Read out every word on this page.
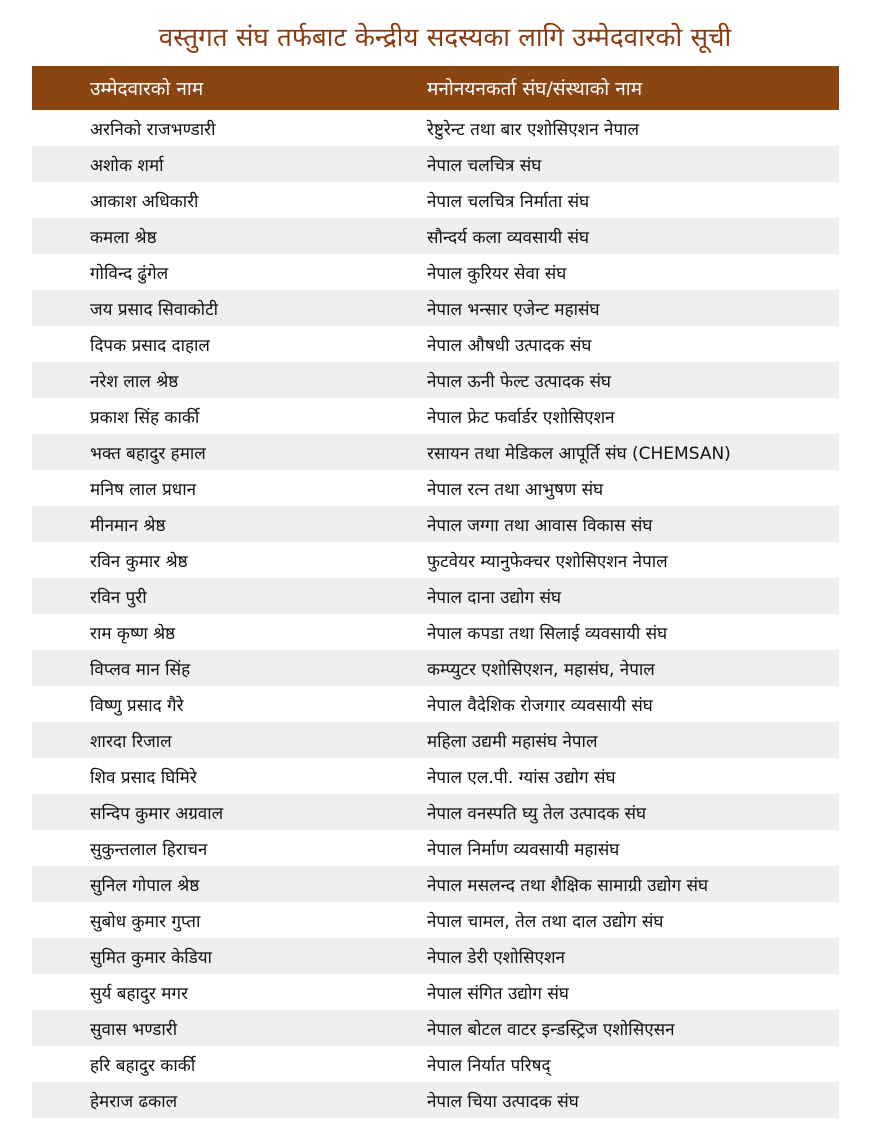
वस्तुगत संघ तर्फबाट केन्द्रीय सदस्यका लागि उम्मेदवारको सूची
उम्मेदवारको नाम	मनोनयनकर्ता संघ/संस्थाको नाम
अरनिको राजभण्डारी	रेष्टुरेन्ट तथा बार एशोसिएशन नेपाल
अशोक शर्मा	नेपाल चलचित्र संघ
आकाश अधिकारी	नेपाल चलचित्र निर्माता संघ
कमला श्रेष्ठ	सौन्दर्य कला व्यवसायी संघ
गोविन्द ढुंगेल	नेपाल कुरियर सेवा संघ
जय प्रसाद सिवाकोटी	नेपाल भन्सार एजेन्ट महासंघ
दिपक प्रसाद दाहाल	नेपाल औषधी उत्पादक संघ
नरेश लाल श्रेष्ठ	नेपाल ऊनी फेल्ट उत्पादक संघ
प्रकाश सिंह कार्की	नेपाल फ्रेट फर्वार्डर एशोसिएशन
भक्त बहादुर हमाल	रसायन तथा मेडिकल आपूर्ति संघ (CHEMSAN)
मनिष लाल प्रधान	नेपाल रत्न तथा आभुषण संघ
मीनमान श्रेष्ठ	नेपाल जग्गा तथा आवास विकास संघ
रविन कुमार श्रेष्ठ	फुटवेयर म्यानुफेक्चर एशोसिएशन नेपाल
रविन पुरी	नेपाल दाना उद्योग संघ
राम कृष्ण श्रेष्ठ	नेपाल कपडा तथा सिलाई व्यवसायी संघ
विप्लव मान सिंह	कम्प्युटर एशोसिएशन, महासंघ, नेपाल
विष्णु प्रसाद गैरे	नेपाल वैदेशिक रोजगार व्यवसायी संघ
शारदा रिजाल	महिला उद्यमी महासंघ नेपाल
शिव प्रसाद घिमिरे	नेपाल एल.पी. ग्यांस उद्योग संघ
सन्दिप कुमार अग्रवाल	नेपाल वनस्पति घ्यु तेल उत्पादक संघ
सुकुन्तलाल हिराचन	नेपाल निर्माण व्यवसायी महासंघ
सुनिल गोपाल श्रेष्ठ	नेपाल मसलन्द तथा शैक्षिक सामाग्री उद्योग संघ
सुबोध कुमार गुप्ता	नेपाल चामल, तेल तथा दाल उद्योग संघ
सुमित कुमार केडिया	नेपाल डेरी एशोसिएशन
सुर्य बहादुर मगर	नेपाल संगित उद्योग संघ
सुवास भण्डारी	नेपाल बोटल वाटर इन्डस्ट्रिज एशोसिएसन
हरि बहादुर कार्की	नेपाल निर्यात परिषद्
हेमराज ढकाल	नेपाल चिया उत्पादक संघ
